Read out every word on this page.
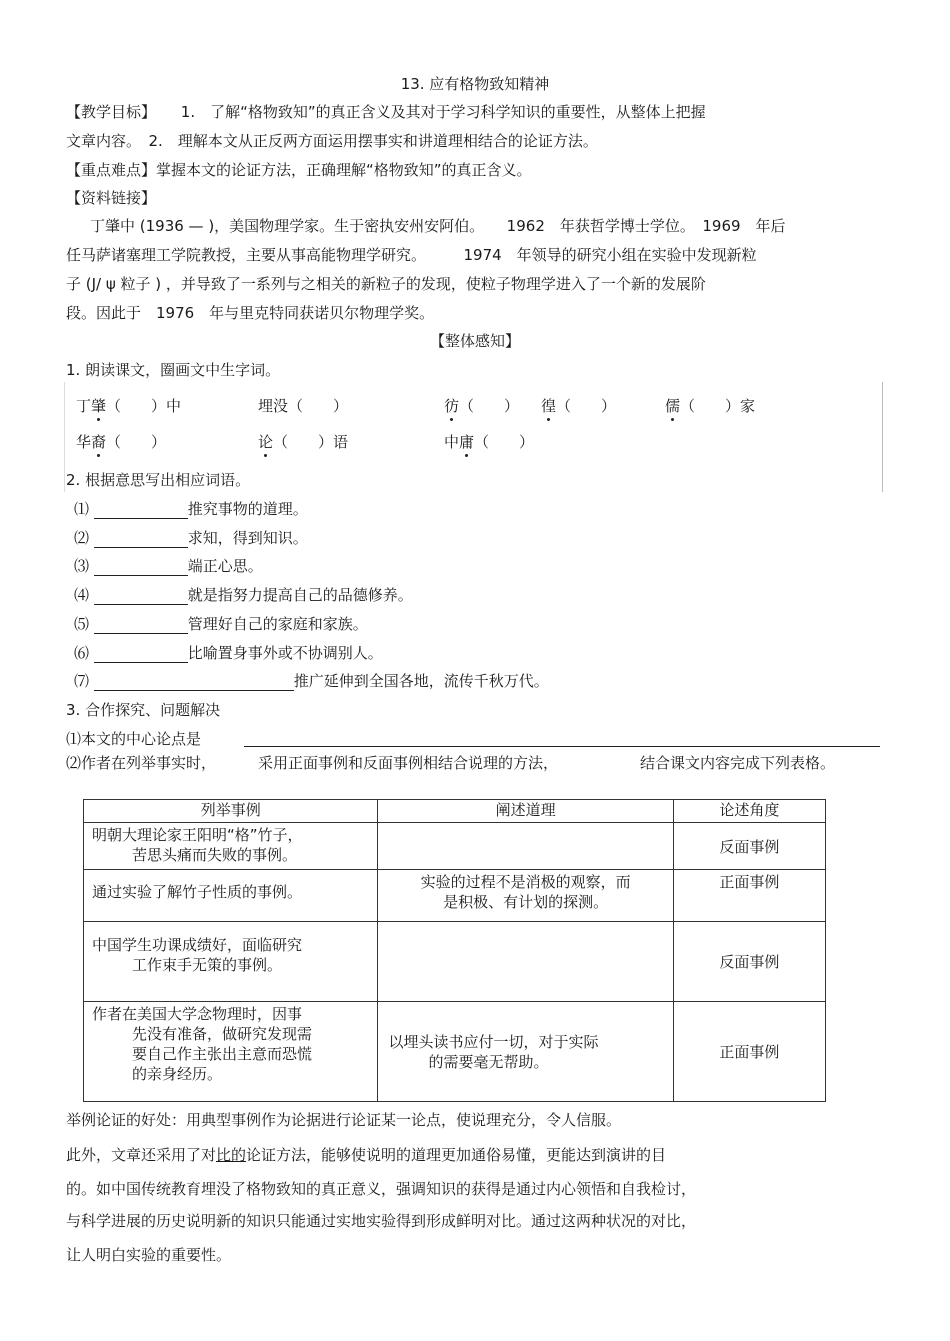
13. 应有格物致知精神
【教学目标】 1.　了解“格物致知”的真正含义及其对于学习科学知识的重要性，从整体上把握
文章内容。　2.　理解本文从正反两方面运用摆事实和讲道理相结合的论证方法。
【重点难点】掌握本文的论证方法，正确理解“格物致知”的真正含义。
【资料链接】
丁肇中 (1936 — )，美国物理学家。生于密执安州安阿伯。　　1962　年获哲学博士学位。　1969　年后
任马萨诸塞理工学院教授，主要从事高能物理学研究。　　　1974　年领导的研究小组在实验中发现新粒
子 (J/ ψ 粒子 ) ，并导致了一系列与之相关的新粒子的发现，使粒子物理学进入了一个新的发展阶
段。因此于　1976　年与里克特同获诺贝尔物理学奖。
【整体感知】
1. 朗读课文，圈画文中生字词。
丁肇（　　）中	埋没（　　）	彷（　　） 徨（　　）	儒（　　）家
华裔（　　）	论（　　）语	中庸（　　）
2. 根据意思写出相应词语。
⑴	推究事物的道理。
⑵	求知，得到知识。
⑶	端正心思。
⑷	就是指努力提高自己的品德修养。
⑸	管理好自己的家庭和家族。
⑹	比喻置身事外或不协调别人。
⑺	推广延伸到全国各地，流传千秋万代。
3. 合作探究、问题解决
⑴本文的中心论点是
⑵作者在列举事实时，	采用正面事例和反面事例相结合说理的方法，	结合课文内容完成下列表格。
列举事例	阐述道理	论述角度

明朝大理论家王阳明“格”竹子，
苦思头痛而失败的事例。		反面事例

通过实验了解竹子性质的事例。	实验的过程不是消极的观察，而
是积极、有计划的探测。	正面事例

中国学生功课成绩好，面临研究
工作束手无策的事例。		反面事例

作者在美国大学念物理时，因事
先没有准备，做研究发现需
要自己作主张出主意而恐慌
的亲身经历。	以埋头读书应付一切，对于实际
的需要毫无帮助。	正面事例
举例论证的好处：用典型事例作为论据进行论证某一论点，使说理充分，令人信服。
此外，文章还采用了对比的论证方法，能够使说明的道理更加通俗易懂，更能达到演讲的目
的。如中国传统教育埋没了格物致知的真正意义，强调知识的获得是通过内心领悟和自我检讨，
与科学进展的历史说明新的知识只能通过实地实验得到形成鲜明对比。通过这两种状况的对比，
让人明白实验的重要性。
